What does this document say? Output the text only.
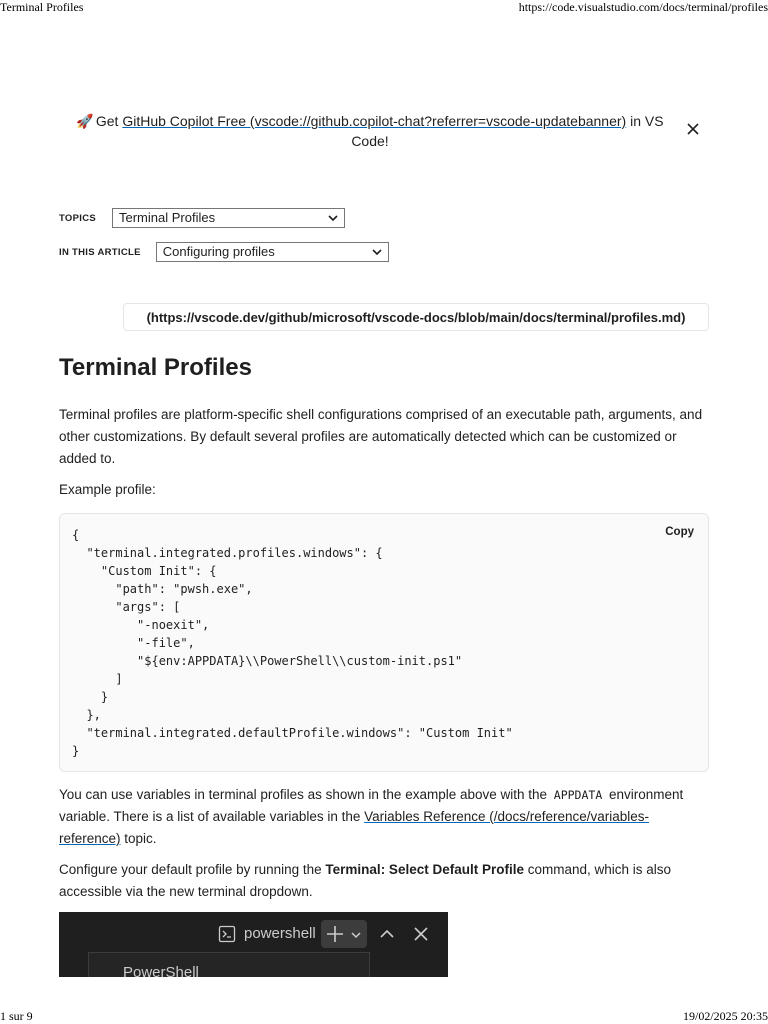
Terminal Profiles	https://code.visualstudio.com/docs/terminal/profiles
🚀 Get GitHub Copilot Free (vscode://github.copilot-chat?referrer=vscode-updatebanner) in VS Code!
TOPICS	Terminal Profiles
IN THIS ARTICLE	Configuring profiles
(https://vscode.dev/github/microsoft/vscode-docs/blob/main/docs/terminal/profiles.md)
Terminal Profiles

Terminal profiles are platform-specific shell configurations comprised of an executable path, arguments, and other customizations. By default several profiles are automatically detected which can be customized or added to.

Example profile:

Copy
{
"terminal.integrated.profiles.windows": {
"Custom Init": {
"path": "pwsh.exe",
"args": [
"-noexit",
"-file",
"${env:APPDATA}\\PowerShell\\custom-init.ps1"
]
}
},
"terminal.integrated.defaultProfile.windows": "Custom Init"
}

You can use variables in terminal profiles as shown in the example above with the APPDATA environment variable. There is a list of available variables in the Variables Reference (/docs/reference/variables-reference) topic.

Configure your default profile by running the Terminal: Select Default Profile command, which is also accessible via the new terminal dropdown.

PowerShell
powershell
1 sur 9	19/02/2025 20:35
